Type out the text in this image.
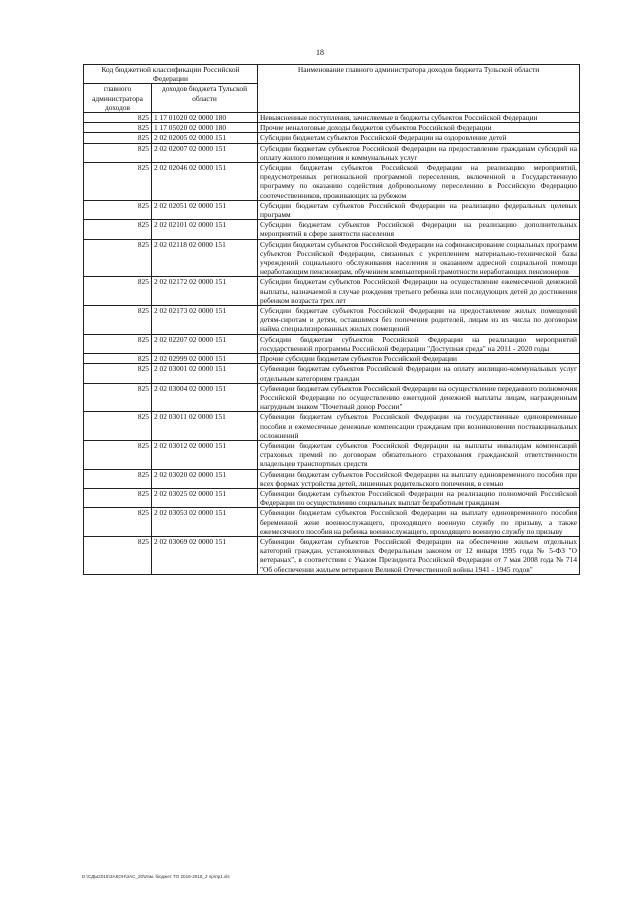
18
Код бюджетной классификации Российской Федерации		Наименование главного администратора доходов бюджета Тульской области
главного администратора доходов	доходов бюджета Тульской области	
825	1 17 01020 02 0000 180	Невыясненные поступления, зачисляемые в бюджеты субъектов Российской Федерации
825	1 17 05020 02 0000 180	Прочие неналоговые доходы бюджетов субъектов Российской Федерации
825	2 02 02005 02 0000 151	Субсидии бюджетам субъектов Российской Федерации на оздоровление детей
825	2 02 02007 02 0000 151	Субсидии бюджетам субъектов Российской Федерации на предоставление гражданам субсидий на оплату жилого помещения и коммунальных услуг
825	2 02 02046 02 0000 151	Субсидии бюджетам субъектов Российской Федерации на реализацию мероприятий, предусмотренных региональной программой переселения, включенной в Государственную программу по оказанию содействия добровольному переселению в Российскую Федерацию соотечественников, проживающих за рубежом
825	2 02 02051 02 0000 151	Субсидии бюджетам субъектов Российской Федерации на реализацию федеральных целевых программ
825	2 02 02101 02 0000 151	Субсидии бюджетам субъектов Российской Федерации на реализацию дополнительных мероприятий в сфере занятости населения
825	2 02 02118 02 0000 151	Субсидии бюджетам субъектов Российской Федерации на софинансирование социальных программ субъектов Российской Федерации, связанных с укреплением материально-технической базы учреждений социального обслуживания населения и оказанием адресной социальной помощи неработающим пенсионерам, обучением компьютерной грамотности неработающих пенсионеров
825	2 02 02172 02 0000 151	Субсидии бюджетам субъектов Российской Федерации на осуществление ежемесячной денежной выплаты, назначаемой в случае рождения третьего ребенка или последующих детей до достижения ребенком возраста трех лет
825	2 02 02173 02 0000 151	Субсидии бюджетам субъектов Российской Федерации на предоставление жилых помещений детям-сиротам и детям, оставшимся без попечения родителей, лицам из их числа по договорам найма специализированных жилых помещений
825	2 02 02207 02 0000 151	Субсидии бюджетам субъектов Российской Федерации на реализацию мероприятий государственной программы Российской Федерации "Доступная среда" на 2011 - 2020 годы
825	2 02 02999 02 0000 151	Прочие субсидии бюджетам субъектов Российской Федерации
825	2 02 03001 02 0000 151	Субвенции бюджетам субъектов Российской Федерации на оплату жилищно-коммунальных услуг отдельным категориям граждан
825	2 02 03004 02 0000 151	Субвенции бюджетам субъектов Российской Федерации на осуществление переданного полномочия Российской Федерации по осуществлению ежегодной денежной выплаты лицам, награжденным нагрудным знаком "Почетный донор России"
825	2 02 03011 02 0000 151	Субвенции бюджетам субъектов Российской Федерации на государственные единовременные пособия и ежемесячные денежные компенсации гражданам при возникновении поствакцинальных осложнений
825	2 02 03012 02 0000 151	Субвенции бюджетам субъектов Российской Федерации на выплаты инвалидам компенсаций страховых премий по договорам обязательного страхования гражданской ответственности владельцев транспортных средств
825	2 02 03020 02 0000 151	Субвенции бюджетам субъектов Российской Федерации на выплату единовременного пособия при всех формах устройства детей, лишенных родительского попечения, в семью
825	2 02 03025 02 0000 151	Субвенции бюджетам субъектов Российской Федерации на реализацию полномочий Российской Федерации по осуществлению социальных выплат безработным гражданам
825	2 02 03053 02 0000 151	Субвенции бюджетам субъектов Российской Федерации на выплату единовременного пособия беременной жене военнослужащего, проходящего военную службу по призыву, а также ежемесячного пособия на ребенка военнослужащего, проходящего военную службу по призыву
825	2 02 03069 02 0000 151	Субвенции бюджетам субъектов Российской Федерации на обеспечение жильем отдельных категорий граждан, установленных Федеральным законом от 12 января 1995 года № 5-ФЗ "О ветеранах", в соответствии с Указом Президента Российской Федерации от 7 мая 2008 года № 714 "Об обеспечении жильем ветеранов Великой Отечественной войны 1941 - 1945 годов"
D:\СДЫ2016\ЗАКОН\ЗАС_20\Изм. бюджет ТО 2016-2018_2 пр\пр1.xls
